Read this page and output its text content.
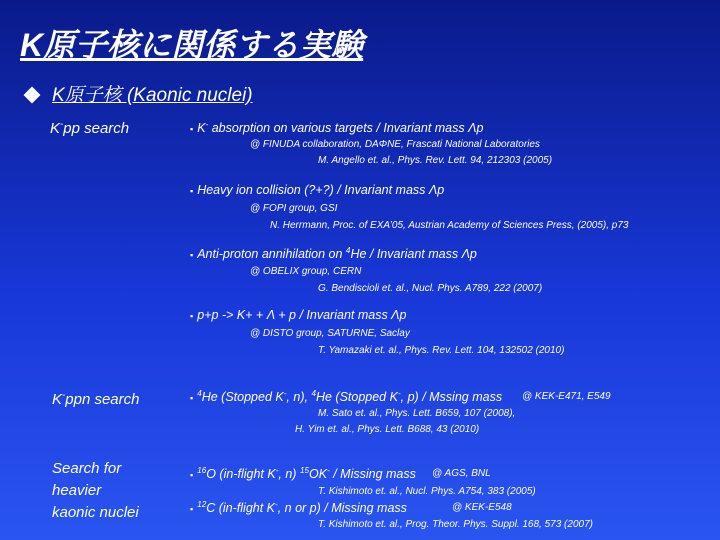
K原子核に関係する実験
K原子核 (Kaonic nuclei)
K-pp search	▪ K- absorption on various targets / Invariant mass Λp
@ FINUDA collaboration, DAΦNE, Frascati National Laboratories
M. Angello et. al., Phys. Rev. Lett. 94, 212303 (2005)
▪ Heavy ion collision (?+?) / Invariant mass Λp
@ FOPI group, GSI
N. Herrmann, Proc. of EXA’05, Austrian Academy of Sciences Press, (2005), p73
▪ Anti-proton annihilation on $^4$He / Invariant mass Λp
@ OBELIX group, CERN
G. Bendiscioli et. al., Nucl. Phys. A789, 222 (2007)
▪ p+p -> K+ + Λ + p / Invariant mass Λp
@ DISTO group, SATURNE, Saclay
T. Yamazaki et. al., Phys. Rev. Lett. 104, 132502 (2010)
K-ppn search	▪ $^4$He (Stopped K-, n), $^4$He (Stopped K-, p) / Mssing mass @ KEK-E471, E549
M. Sato et. al., Phys. Lett. B659, 107 (2008),
H. Yim et. al., Phys. Lett. B688, 43 (2010)
Search for
heavier
kaonic nuclei
▪ $^{16}$O (in-flight K-, n) $^{15}$OK- / Missing mass @ AGS, BNL
T. Kishimoto et. al., Nucl. Phys. A754, 383 (2005)
▪ $^{12}$C (in-flight K-, n or p) / Missing mass	@ KEK-E548
T. Kishimoto et. al., Prog. Theor. Phys. Suppl. 168, 573 (2007)
